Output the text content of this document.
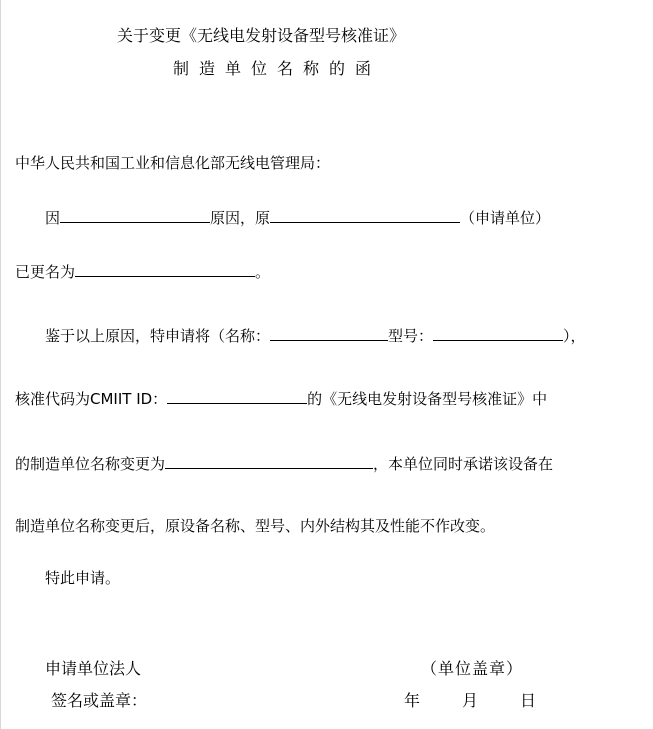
关于变更《无线电发射设备型号核准证》
制造单位名称的函
中华人民共和国工业和信息化部无线电管理局：
因	原因，原	（申请单位）
已更名为	。
鉴于以上原因，特申请将（名称：	型号：	），
核准代码为CMIIT ID：	的《无线电发射设备型号核准证》中
的制造单位名称变更为	，本单位同时承诺该设备在
制造单位名称变更后，原设备名称、型号、内外结构其及性能不作改变。
特此申请。
申请单位法人	（单位盖章）
签名或盖章：	年	月	日
